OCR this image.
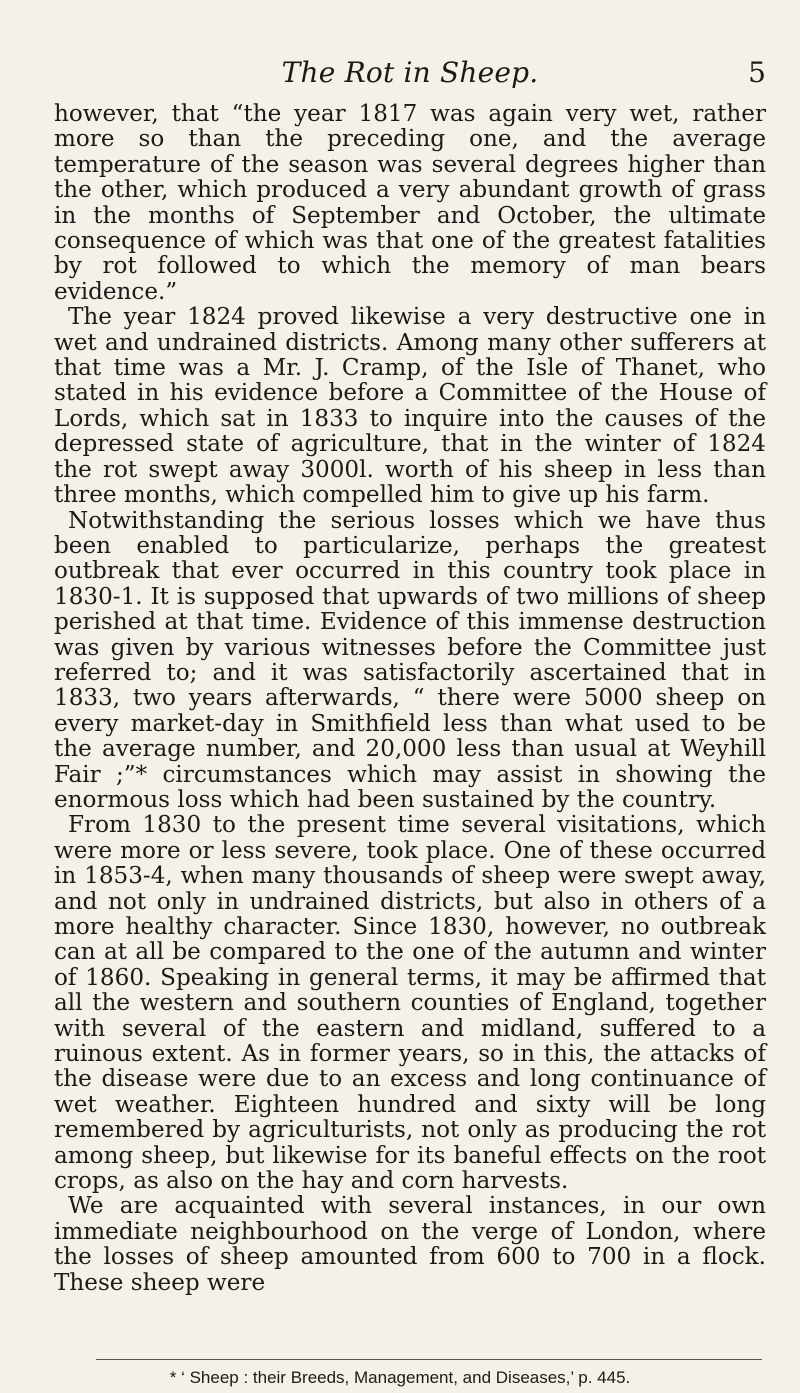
The Rot in Sheep.	5

however, that “the year 1817 was again very wet, rather more so than the preceding one, and the average temperature of the season was several degrees higher than the other, which produced a very abundant growth of grass in the months of September and October, the ultimate consequence of which was that one of the greatest fatalities by rot followed to which the memory of man bears evidence.”

The year 1824 proved likewise a very destructive one in wet and undrained districts. Among many other sufferers at that time was a Mr. J. Cramp, of the Isle of Thanet, who stated in his evidence before a Committee of the House of Lords, which sat in 1833 to inquire into the causes of the depressed state of agriculture, that in the winter of 1824 the rot swept away 3000l. worth of his sheep in less than three months, which compelled him to give up his farm.

Notwithstanding the serious losses which we have thus been enabled to particularize, perhaps the greatest outbreak that ever occurred in this country took place in 1830-1. It is supposed that upwards of two millions of sheep perished at that time. Evidence of this immense destruction was given by various witnesses before the Committee just referred to; and it was satisfactorily ascertained that in 1833, two years afterwards, “ there were 5000 sheep on every market-day in Smithfield less than what used to be the average number, and 20,000 less than usual at Weyhill Fair ;”* circumstances which may assist in showing the enormous loss which had been sustained by the country.

From 1830 to the present time several visitations, which were more or less severe, took place. One of these occurred in 1853-4, when many thousands of sheep were swept away, and not only in undrained districts, but also in others of a more healthy character. Since 1830, however, no outbreak can at all be compared to the one of the autumn and winter of 1860. Speaking in general terms, it may be affirmed that all the western and southern counties of England, together with several of the eastern and midland, suffered to a ruinous extent. As in former years, so in this, the attacks of the disease were due to an excess and long continuance of wet weather. Eighteen hundred and sixty will be long remembered by agriculturists, not only as producing the rot among sheep, but likewise for its baneful effects on the root crops, as also on the hay and corn harvests.

We are acquainted with several instances, in our own immediate neighbourhood on the verge of London, where the losses of sheep amounted from 600 to 700 in a flock. These sheep were

* ‘ Sheep : their Breeds, Management, and Diseases,’ p. 445.
